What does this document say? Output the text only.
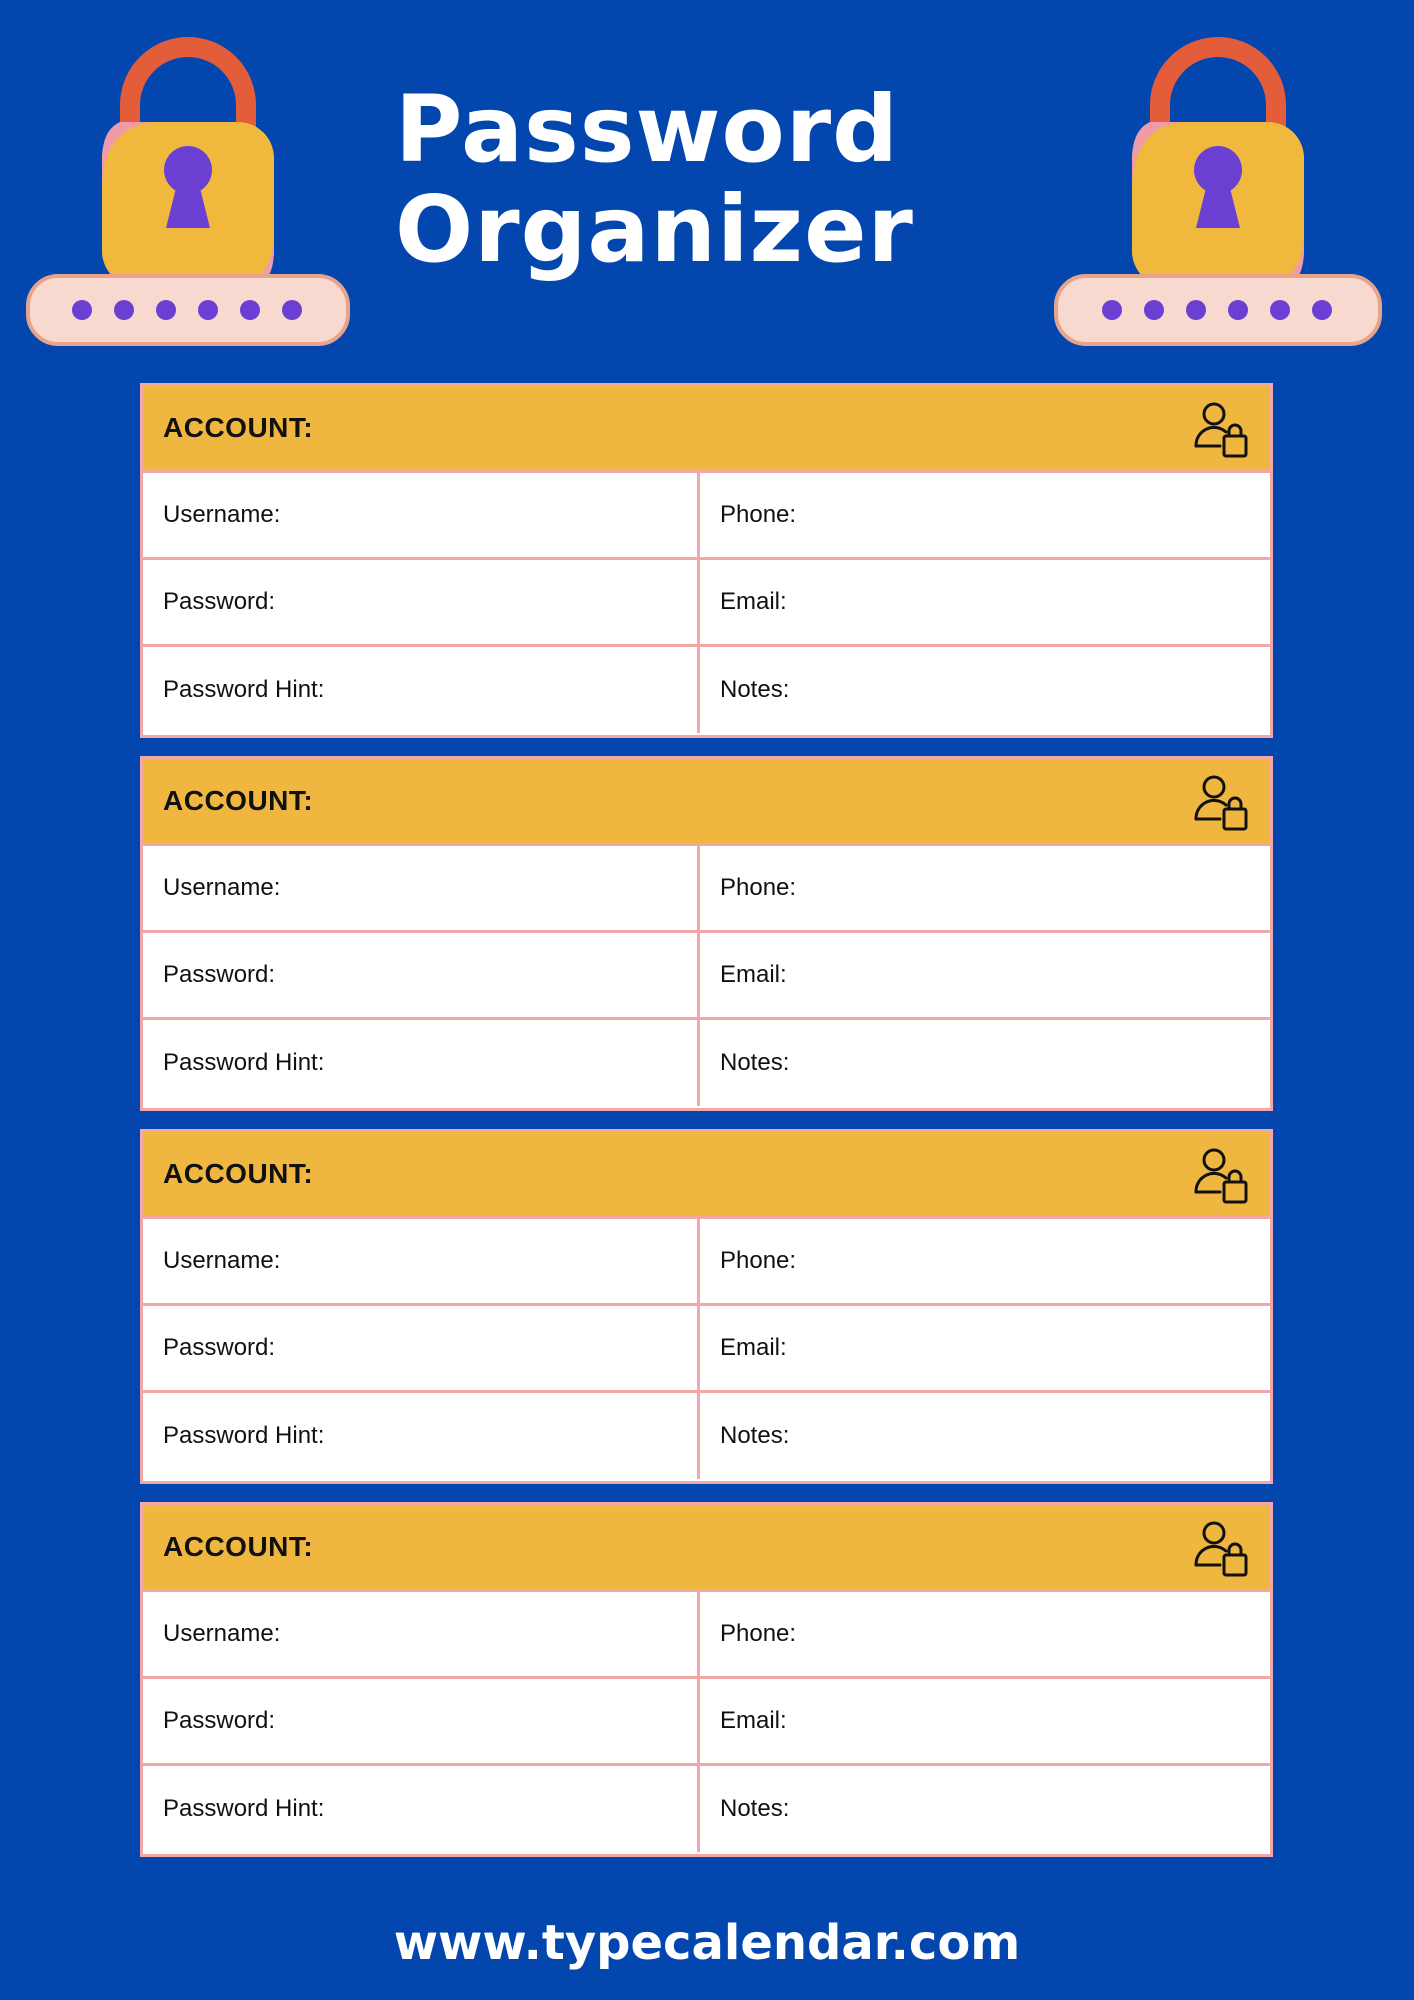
Password
Organizer
ACCOUNT:
Username:	Phone:
Password:	Email:
Password Hint:	Notes:
ACCOUNT:
Username:	Phone:
Password:	Email:
Password Hint:	Notes:
ACCOUNT:
Username:	Phone:
Password:	Email:
Password Hint:	Notes:
ACCOUNT:
Username:	Phone:
Password:	Email:
Password Hint:	Notes:
www.typecalendar.com
